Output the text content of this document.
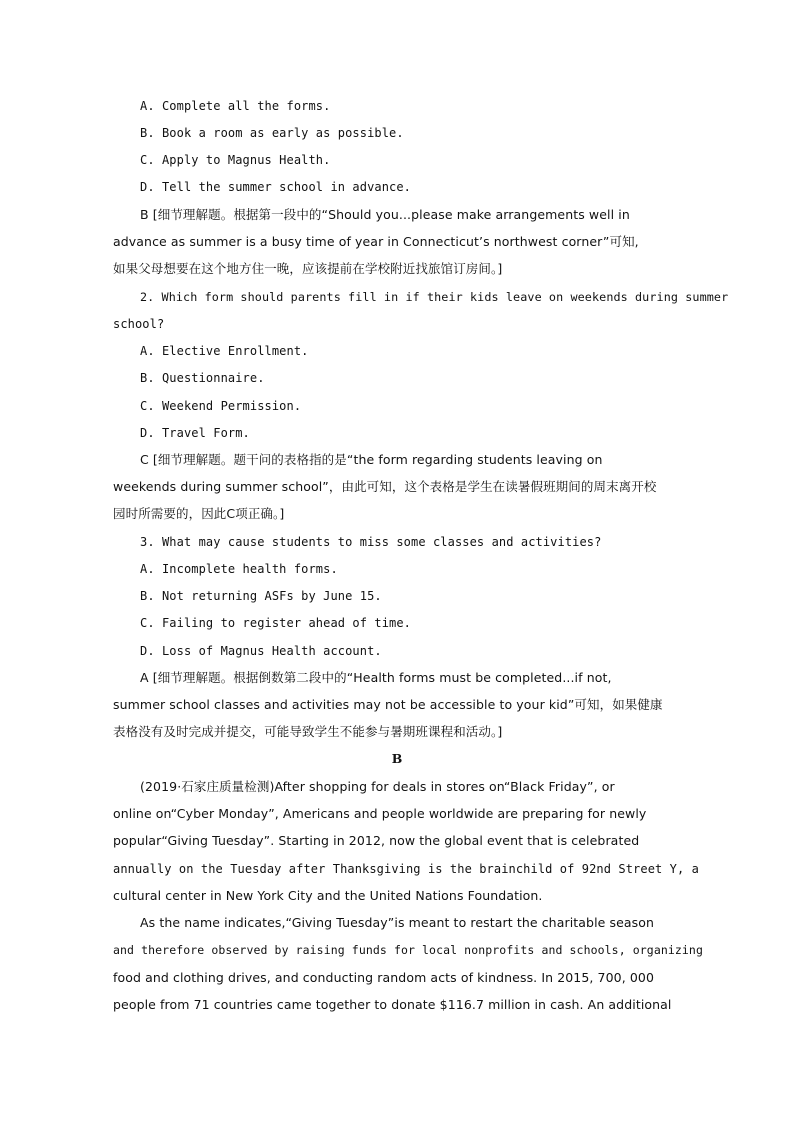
A. Complete all the forms.
B. Book a room as early as possible.
C. Apply to Magnus Health.
D. Tell the summer school in advance.
B [细节理解题。根据第一段中的“Should you...please make arrangements well in
advance as summer is a busy time of year in Connecticut’s northwest corner”可知,
如果父母想要在这个地方住一晚，应该提前在学校附近找旅馆订房间。]
2. Which form should parents fill in if their kids leave on weekends during summer
school?
A. Elective Enrollment.
B. Questionnaire.
C. Weekend Permission.
D. Travel Form.
C [细节理解题。题干问的表格指的是“the form regarding students leaving on
weekends during summer school”，由此可知，这个表格是学生在读暑假班期间的周末离开校
园时所需要的，因此C项正确。]
3. What may cause students to miss some classes and activities?
A. Incomplete health forms.
B. Not returning ASFs by June 15.
C. Failing to register ahead of time.
D. Loss of Magnus Health account.
A [细节理解题。根据倒数第二段中的“Health forms must be completed...if not,
summer school classes and activities may not be accessible to your kid”可知，如果健康
表格没有及时完成并提交，可能导致学生不能参与暑期班课程和活动。]
B
(2019·石家庄质量检测)After shopping for deals in stores on“Black Friday”, or
online on“Cyber Monday”, Americans and people worldwide are preparing for newly
popular“Giving Tuesday”. Starting in 2012, now the global event that is celebrated
annually on the Tuesday after Thanksgiving is the brainchild of 92nd Street Y, a
cultural center in New York City and the United Nations Foundation.
As the name indicates,“Giving Tuesday”is meant to restart the charitable season
and therefore observed by raising funds for local nonprofits and schools, organizing
food and clothing drives, and conducting random acts of kindness. In 2015, 700, 000
people from 71 countries came together to donate $116.7 million in cash. An additional
